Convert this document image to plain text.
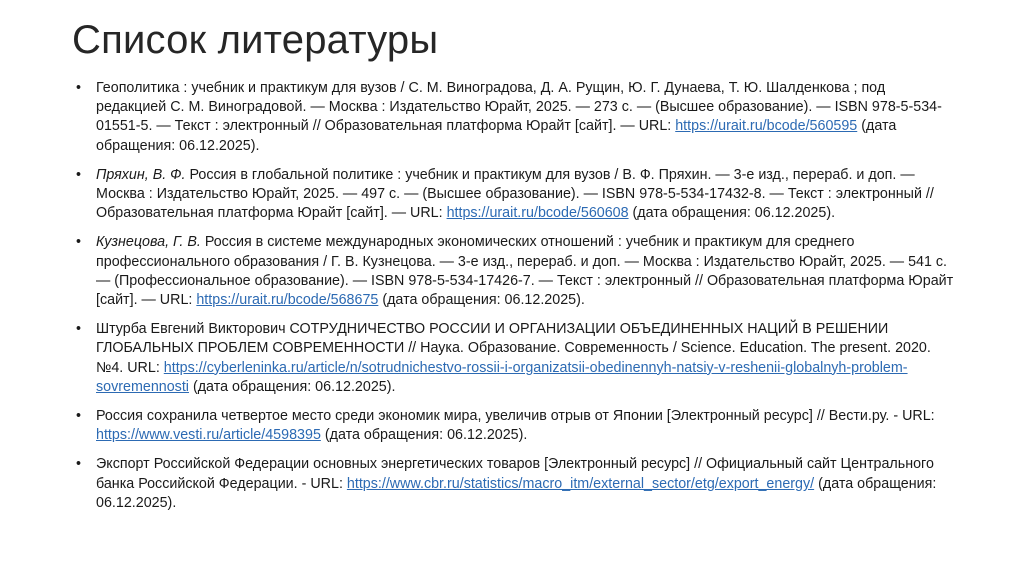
Список литературы
• Геополитика : учебник и практикум для вузов / С. М. Виноградова, Д. А. Рущин, Ю. Г. Дунаева, Т. Ю. Шалденкова ; под редакцией С. М. Виноградовой. — Москва : Издательство Юрайт, 2025. — 273 с. — (Высшее образование). — ISBN 978-5-534-01551-5. — Текст : электронный // Образовательная платформа Юрайт [сайт]. — URL: https://urait.ru/bcode/560595 (дата обращения: 06.12.2025).
• Пряхин, В. Ф. Россия в глобальной политике : учебник и практикум для вузов / В. Ф. Пряхин. — 3-е изд., перераб. и доп. — Москва : Издательство Юрайт, 2025. — 497 с. — (Высшее образование). — ISBN 978-5-534-17432-8. — Текст : электронный // Образовательная платформа Юрайт [сайт]. — URL: https://urait.ru/bcode/560608 (дата обращения: 06.12.2025).
• Кузнецова, Г. В. Россия в системе международных экономических отношений : учебник и практикум для среднего профессионального образования / Г. В. Кузнецова. — 3-е изд., перераб. и доп. — Москва : Издательство Юрайт, 2025. — 541 с. — (Профессиональное образование). — ISBN 978-5-534-17426-7. — Текст : электронный // Образовательная платформа Юрайт [сайт]. — URL: https://urait.ru/bcode/568675 (дата обращения: 06.12.2025).
• Штурба Евгений Викторович СОТРУДНИЧЕСТВО РОССИИ И ОРГАНИЗАЦИИ ОБЪЕДИНЕННЫХ НАЦИЙ В РЕШЕНИИ ГЛОБАЛЬНЫХ ПРОБЛЕМ СОВРЕМЕННОСТИ // Наука. Образование. Современность / Science. Education. The present. 2020. №4. URL: https://cyberleninka.ru/article/n/sotrudnichestvo-rossii-i-organizatsii-obedinennyh-natsiy-v-reshenii-globalnyh-problem-sovremennosti (дата обращения: 06.12.2025).
• Россия сохранила четвертое место среди экономик мира, увеличив отрыв от Японии [Электронный ресурс] // Вести.ру. - URL: https://www.vesti.ru/article/4598395 (дата обращения: 06.12.2025).
• Экспорт Российской Федерации основных энергетических товаров [Электронный ресурс] // Официальный сайт Центрального банка Российской Федерации. - URL: https://www.cbr.ru/statistics/macro_itm/external_sector/etg/export_energy/ (дата обращения: 06.12.2025).
